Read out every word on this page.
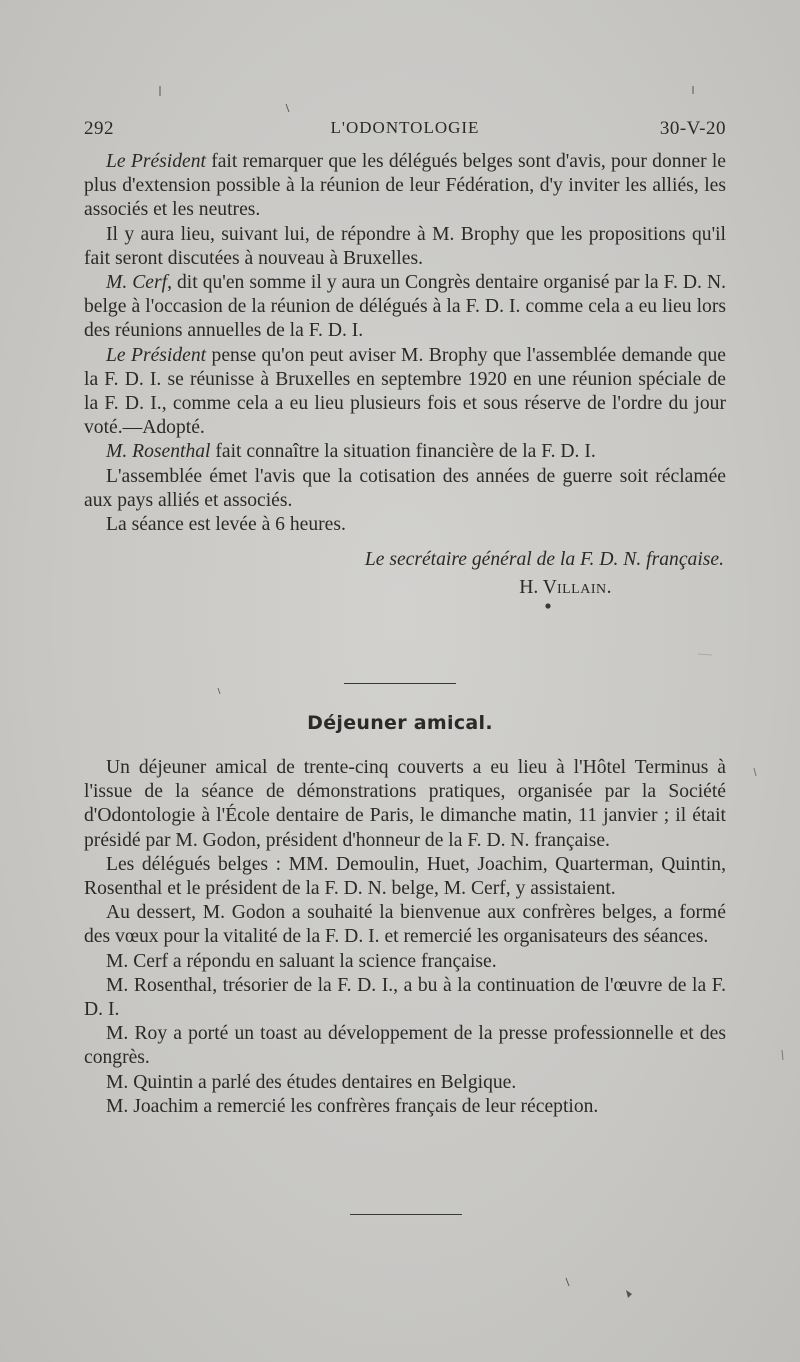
292	L'ODONTOLOGIE	30-V-20

Le Président fait remarquer que les délégués belges sont d'avis, pour donner le plus d'extension possible à la réunion de leur Fédération, d'y inviter les alliés, les associés et les neutres.

Il y aura lieu, suivant lui, de répondre à M. Brophy que les propositions qu'il fait seront discutées à nouveau à Bruxelles.

M. Cerf, dit qu'en somme il y aura un Congrès dentaire organisé par la F. D. N. belge à l'occasion de la réunion de délégués à la F. D. I. comme cela a eu lieu lors des réunions annuelles de la F. D. I.

Le Président pense qu'on peut aviser M. Brophy que l'assemblée demande que la F. D. I. se réunisse à Bruxelles en septembre 1920 en une réunion spéciale de la F. D. I., comme cela a eu lieu plusieurs fois et sous réserve de l'ordre du jour voté.—Adopté.

M. Rosenthal fait connaître la situation financière de la F. D. I.

L'assemblée émet l'avis que la cotisation des années de guerre soit réclamée aux pays alliés et associés.

La séance est levée à 6 heures.

Le secrétaire général de la F. D. N. française.
H. Villain.
Déjeuner amical.

Un déjeuner amical de trente-cinq couverts a eu lieu à l'Hôtel Terminus à l'issue de la séance de démonstrations pratiques, organisée par la Société d'Odontologie à l'École dentaire de Paris, le dimanche matin, 11 janvier ; il était présidé par M. Godon, président d'honneur de la F. D. N. française.

Les délégués belges : MM. Demoulin, Huet, Joachim, Quarterman, Quintin, Rosenthal et le président de la F. D. N. belge, M. Cerf, y assistaient.

Au dessert, M. Godon a souhaité la bienvenue aux confrères belges, a formé des vœux pour la vitalité de la F. D. I. et remercié les organisateurs des séances.

M. Cerf a répondu en saluant la science française.

M. Rosenthal, trésorier de la F. D. I., a bu à la continuation de l'œuvre de la F. D. I.

M. Roy a porté un toast au développement de la presse professionnelle et des congrès.

M. Quintin a parlé des études dentaires en Belgique.

M. Joachim a remercié les confrères français de leur réception.
